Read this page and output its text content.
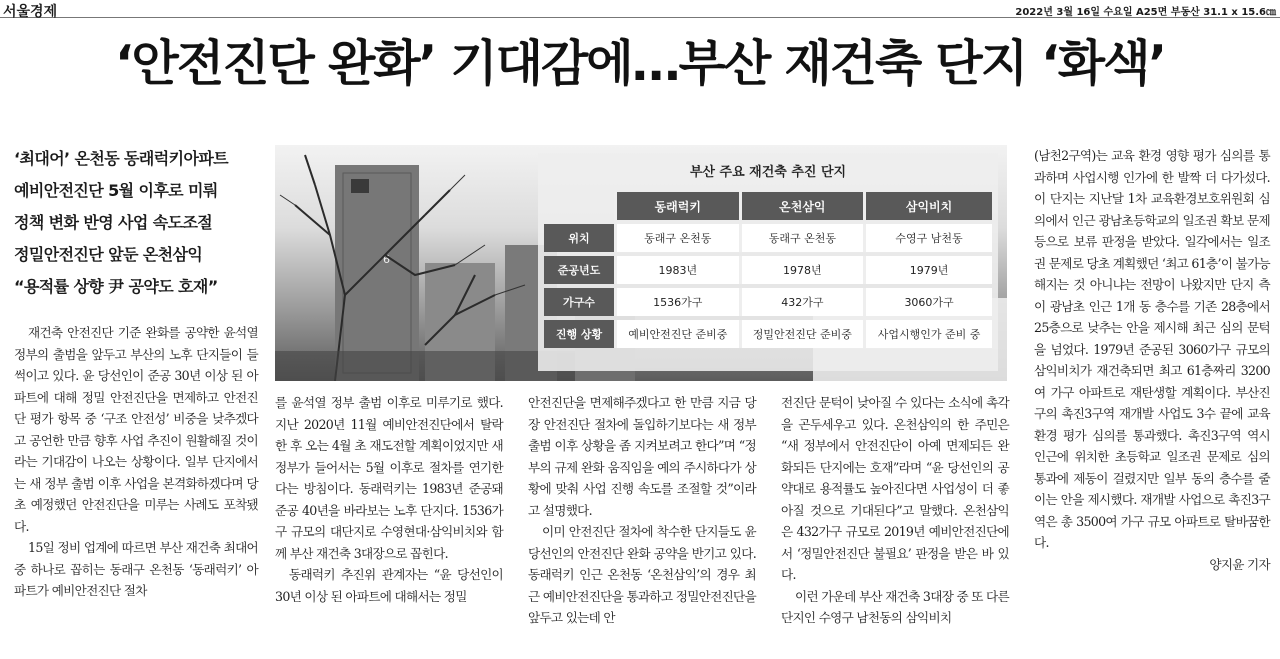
서울경제	2022년 3월 16일 수요일 A25면 부동산 31.1 x 15.6㎝
‘안전진단 완화’ 기대감에…부산 재건축 단지 ‘화색’
‘최대어’ 온천동 동래럭키아파트
예비안전진단 5월 이후로 미뤄
정책 변화 반영 사업 속도조절
정밀안전진단 앞둔 온천삼익
“용적률 상향 尹 공약도 호재”
6
부산 주요 재건축 추진 단지
	동래럭키	온천삼익	삼익비치
위치	동래구 온천동	동래구 온천동	수영구 남천동
준공년도	1983년	1978년	1979년
가구수	1536가구	432가구	3060가구
진행 상황	예비안전진단 준비중	정밀안전진단 준비중	사업시행인가 준비 중

재건축 안전진단 기준 완화를 공약한 윤석열 정부의 출범을 앞두고 부산의 노후 단지들이 들썩이고 있다. 윤 당선인이 준공 30년 이상 된 아파트에 대해 정밀 안전진단을 면제하고 안전진단 평가 항목 중 ‘구조 안전성’ 비중을 낮추겠다고 공언한 만큼 향후 사업 추진이 원활해질 것이라는 기대감이 나오는 상황이다. 일부 단지에서는 새 정부 출범 이후 사업을 본격화하겠다며 당초 예정했던 안전진단을 미루는 사례도 포착됐다.

15일 정비 업계에 따르면 부산 재건축 최대어 중 하나로 꼽히는 동래구 온천동 ‘동래럭키’ 아파트가 예비안전진단 절차

를 윤석열 정부 출범 이후로 미루기로 했다. 지난 2020년 11월 예비안전진단에서 탈락한 후 오는 4월 초 재도전할 계획이었지만 새 정부가 들어서는 5월 이후로 절차를 연기한다는 방침이다. 동래럭키는 1983년 준공돼 준공 40년을 바라보는 노후 단지다. 1536가구 규모의 대단지로 수영현대·삼익비치와 함께 부산 재건축 3대장으로 꼽힌다.

동래럭키 추진위 관계자는 “윤 당선인이 30년 이상 된 아파트에 대해서는 정밀

안전진단을 면제해주겠다고 한 만큼 지금 당장 안전진단 절차에 돌입하기보다는 새 정부 출범 이후 상황을 좀 지켜보려고 한다”며 “정부의 규제 완화 움직임을 예의 주시하다가 상황에 맞춰 사업 진행 속도를 조절할 것”이라고 설명했다.

이미 안전진단 절차에 착수한 단지들도 윤 당선인의 안전진단 완화 공약을 반기고 있다. 동래럭키 인근 온천동 ‘온천삼익’의 경우 최근 예비안전진단을 통과하고 정밀안전진단을 앞두고 있는데 안

전진단 문턱이 낮아질 수 있다는 소식에 촉각을 곤두세우고 있다. 온천삼익의 한 주민은 “새 정부에서 안전진단이 아예 면제되든 완화되든 단지에는 호재”라며 “윤 당선인의 공약대로 용적률도 높아진다면 사업성이 더 좋아질 것으로 기대된다”고 말했다. 온천삼익은 432가구 규모로 2019년 예비안전진단에서 ‘정밀안전진단 불필요’ 판정을 받은 바 있다.

이런 가운데 부산 재건축 3대장 중 또 다른 단지인 수영구 남천동의 삼익비치

(남천2구역)는 교육 환경 영향 평가 심의를 통과하며 사업시행 인가에 한 발짝 더 다가섰다. 이 단지는 지난달 1차 교육환경보호위원회 심의에서 인근 광남초등학교의 일조권 확보 문제 등으로 보류 판정을 받았다. 일각에서는 일조권 문제로 당초 계획했던 ‘최고 61층’이 불가능해지는 것 아니냐는 전망이 나왔지만 단지 측이 광남초 인근 1개 동 층수를 기존 28층에서 25층으로 낮추는 안을 제시해 최근 심의 문턱을 넘었다. 1979년 준공된 3060가구 규모의 삼익비치가 재건축되면 최고 61층짜리 3200여 가구 아파트로 재탄생할 계획이다. 부산진구의 촉진3구역 재개발 사업도 3수 끝에 교육 환경 평가 심의를 통과했다. 촉진3구역 역시 인근에 위치한 초등학교 일조권 문제로 심의 통과에 제동이 걸렸지만 일부 동의 층수를 줄이는 안을 제시했다. 재개발 사업으로 촉진3구역은 총 3500여 가구 규모 아파트로 탈바꿈한다.

양지윤 기자
